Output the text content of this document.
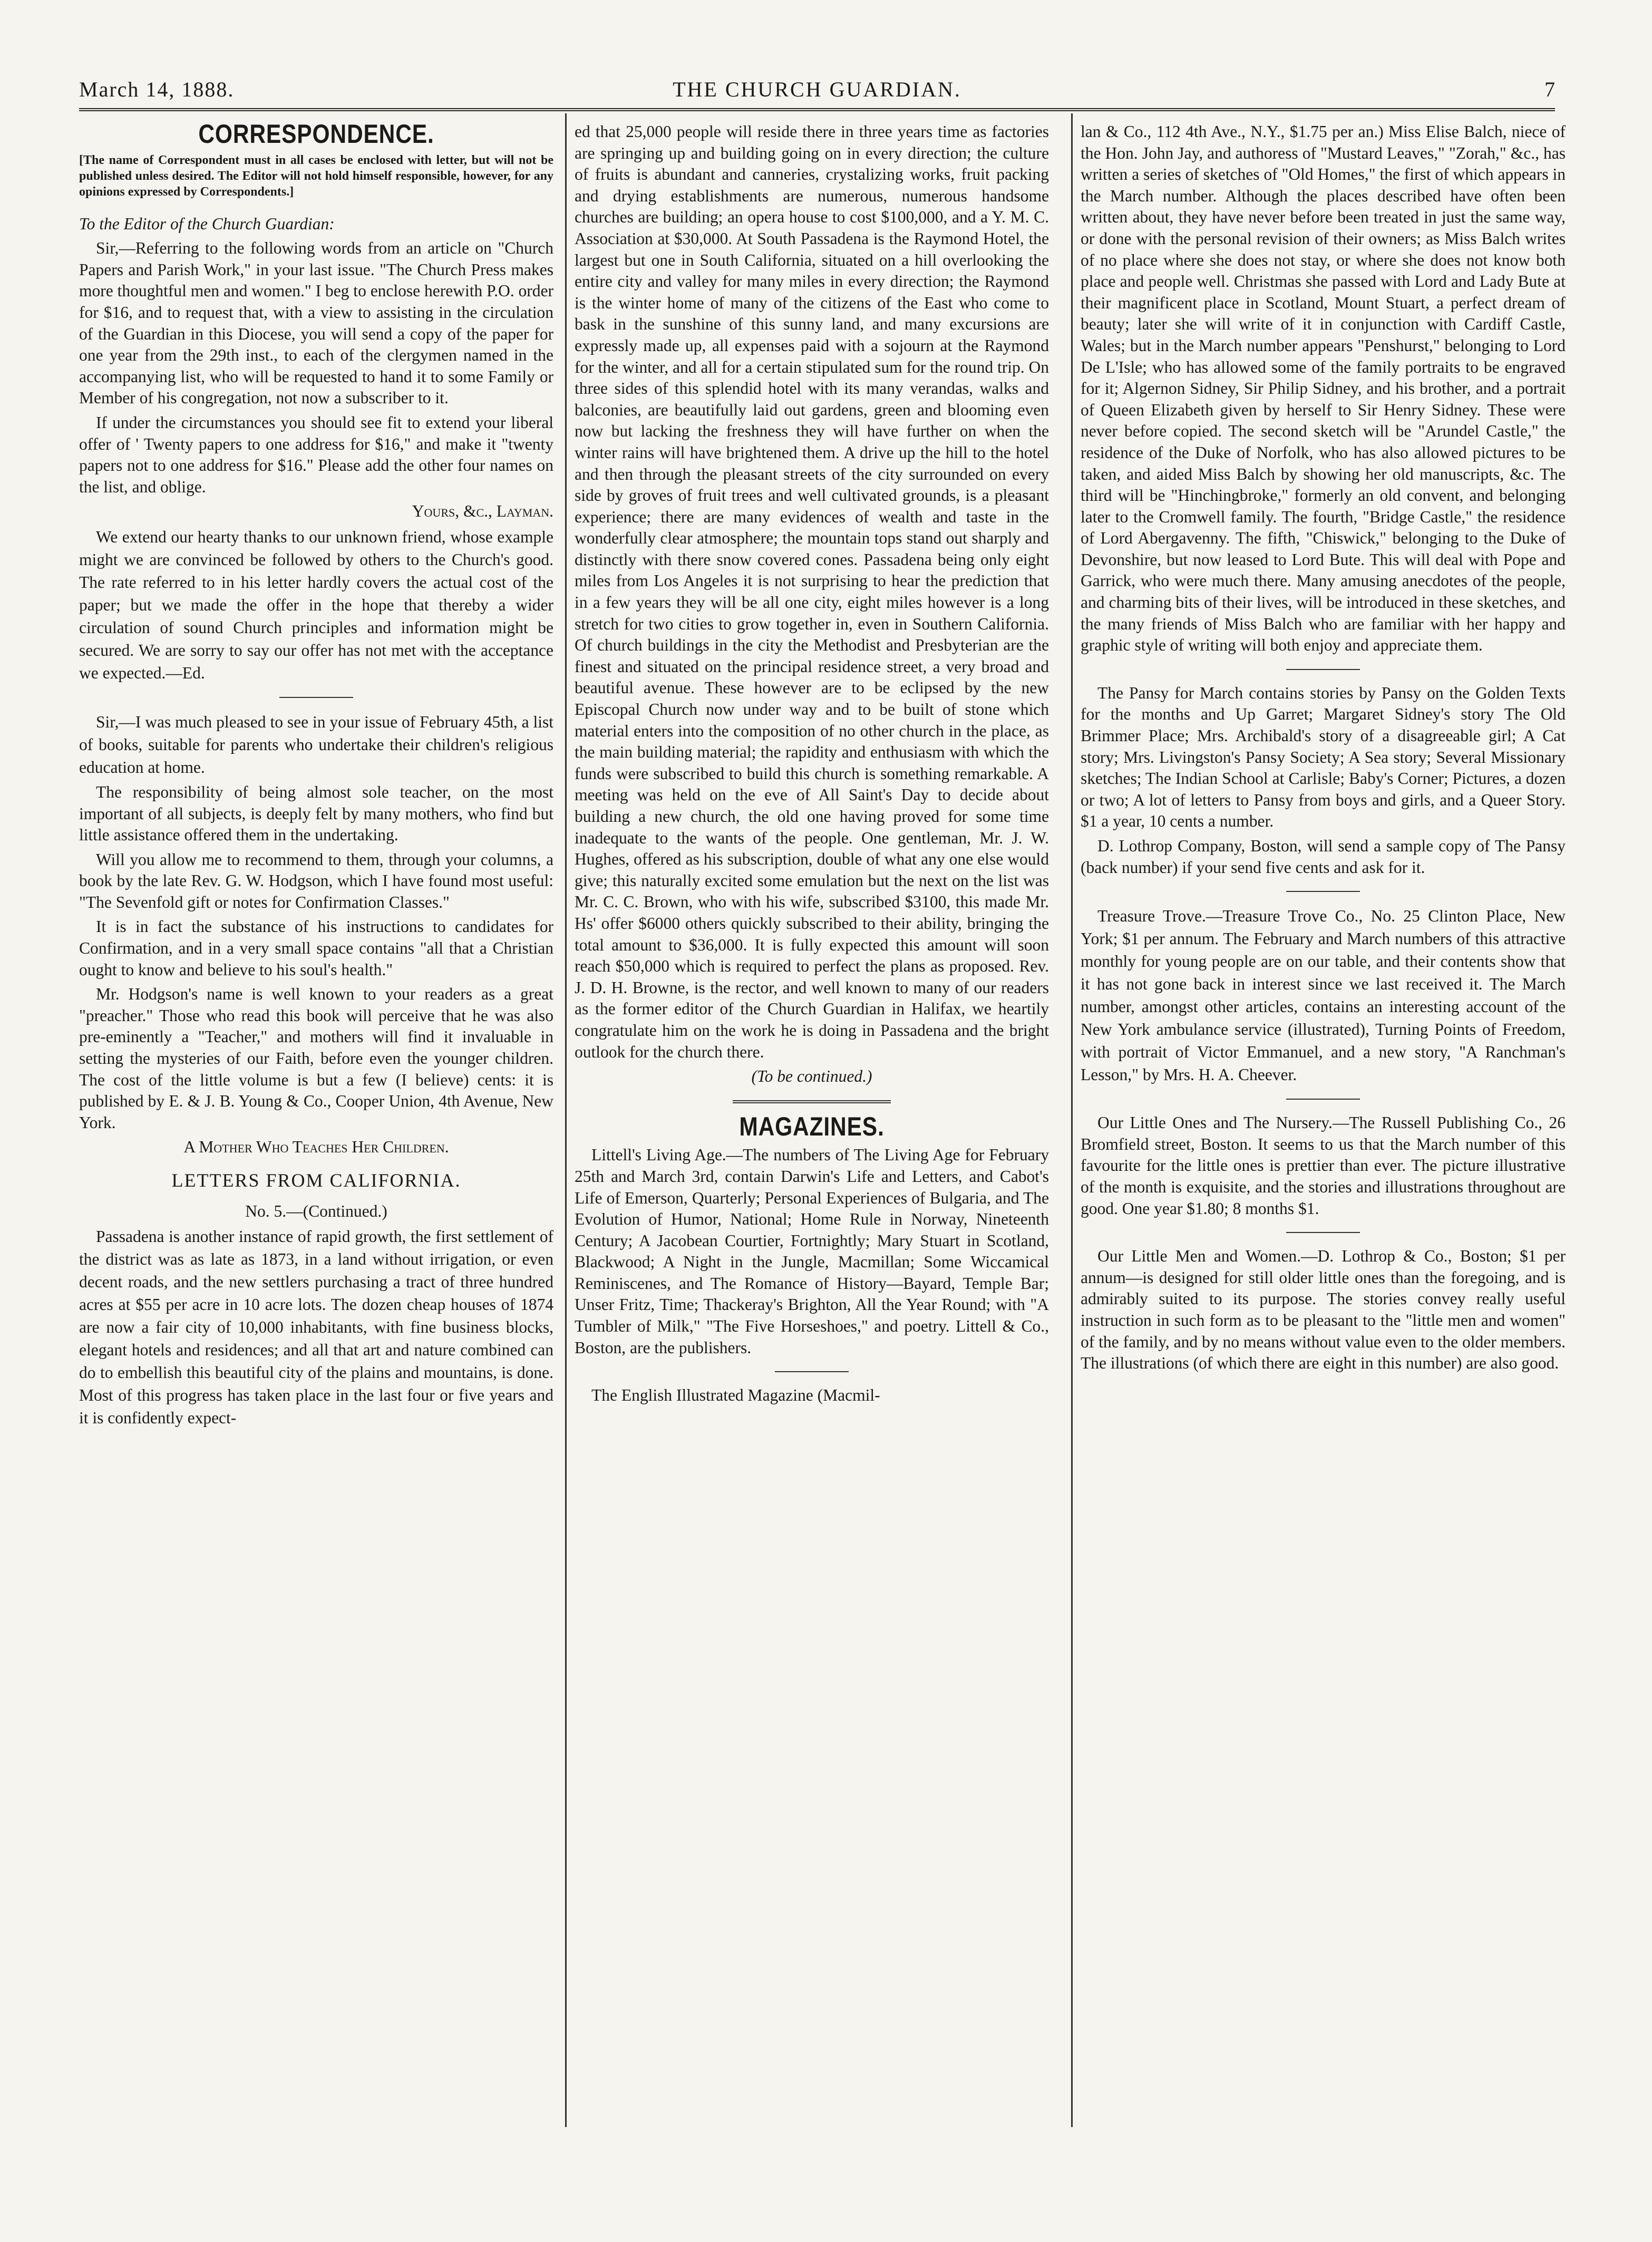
March 14, 1888.	THE CHURCH GUARDIAN.	7
CORRESPONDENCE.

[The name of Correspondent must in all cases be enclosed with letter, but will not be published unless desired. The Editor will not hold himself responsible, however, for any opinions expressed by Correspondents.]

To the Editor of the Church Guardian:

Sir,—Referring to the following words from an article on "Church Papers and Parish Work," in your last issue. "The Church Press makes more thoughtful men and women." I beg to enclose herewith P.O. order for $16, and to request that, with a view to assisting in the circulation of the Guardian in this Diocese, you will send a copy of the paper for one year from the 29th inst., to each of the clergymen named in the accompanying list, who will be requested to hand it to some Family or Member of his congregation, not now a subscriber to it.

If under the circumstances you should see fit to extend your liberal offer of ' Twenty papers to one address for $16," and make it "twenty papers not to one address for $16." Please add the other four names on the list, and oblige.

Yours, &c., Layman.

We extend our hearty thanks to our unknown friend, whose example might we are convinced be followed by others to the Church's good. The rate referred to in his letter hardly covers the actual cost of the paper; but we made the offer in the hope that thereby a wider circulation of sound Church principles and information might be secured. We are sorry to say our offer has not met with the acceptance we expected.—Ed.

Sir,—I was much pleased to see in your issue of February 45th, a list of books, suitable for parents who undertake their children's religious education at home.

The responsibility of being almost sole teacher, on the most important of all subjects, is deeply felt by many mothers, who find but little assistance offered them in the undertaking.

Will you allow me to recommend to them, through your columns, a book by the late Rev. G. W. Hodgson, which I have found most useful: "The Sevenfold gift or notes for Confirmation Classes."

It is in fact the substance of his instructions to candidates for Confirmation, and in a very small space contains "all that a Christian ought to know and believe to his soul's health."

Mr. Hodgson's name is well known to your readers as a great "preacher." Those who read this book will perceive that he was also pre-eminently a "Teacher," and mothers will find it invaluable in setting the mysteries of our Faith, before even the younger children. The cost of the little volume is but a few (I believe) cents: it is published by E. & J. B. Young & Co., Cooper Union, 4th Avenue, New York.

A Mother Who Teaches Her Children.

LETTERS FROM CALIFORNIA.

No. 5.—(Continued.)

Passadena is another instance of rapid growth, the first settlement of the district was as late as 1873, in a land without irrigation, or even decent roads, and the new settlers purchasing a tract of three hundred acres at $55 per acre in 10 acre lots. The dozen cheap houses of 1874 are now a fair city of 10,000 inhabitants, with fine business blocks, elegant hotels and residences; and all that art and nature combined can do to embellish this beautiful city of the plains and mountains, is done. Most of this progress has taken place in the last four or five years and it is confidently expect-

ed that 25,000 people will reside there in three years time as factories are springing up and building going on in every direction; the culture of fruits is abundant and canneries, crystalizing works, fruit packing and drying establishments are numerous, numerous handsome churches are building; an opera house to cost $100,000, and a Y. M. C. Association at $30,000. At South Passadena is the Raymond Hotel, the largest but one in South California, situated on a hill overlooking the entire city and valley for many miles in every direction; the Raymond is the winter home of many of the citizens of the East who come to bask in the sunshine of this sunny land, and many excursions are expressly made up, all expenses paid with a sojourn at the Raymond for the winter, and all for a certain stipulated sum for the round trip. On three sides of this splendid hotel with its many verandas, walks and balconies, are beautifully laid out gardens, green and blooming even now but lacking the freshness they will have further on when the winter rains will have brightened them. A drive up the hill to the hotel and then through the pleasant streets of the city surrounded on every side by groves of fruit trees and well cultivated grounds, is a pleasant experience; there are many evidences of wealth and taste in the wonderfully clear atmosphere; the mountain tops stand out sharply and distinctly with there snow covered cones. Passadena being only eight miles from Los Angeles it is not surprising to hear the prediction that in a few years they will be all one city, eight miles however is a long stretch for two cities to grow together in, even in Southern California. Of church buildings in the city the Methodist and Presbyterian are the finest and situated on the principal residence street, a very broad and beautiful avenue. These however are to be eclipsed by the new Episcopal Church now under way and to be built of stone which material enters into the composition of no other church in the place, as the main building material; the rapidity and enthusiasm with which the funds were subscribed to build this church is something remarkable. A meeting was held on the eve of All Saint's Day to decide about building a new church, the old one having proved for some time inadequate to the wants of the people. One gentleman, Mr. J. W. Hughes, offered as his subscription, double of what any one else would give; this naturally excited some emulation but the next on the list was Mr. C. C. Brown, who with his wife, subscribed $3100, this made Mr. Hs' offer $6000 others quickly subscribed to their ability, bringing the total amount to $36,000. It is fully expected this amount will soon reach $50,000 which is required to perfect the plans as proposed. Rev. J. D. H. Browne, is the rector, and well known to many of our readers as the former editor of the Church Guardian in Halifax, we heartily congratulate him on the work he is doing in Passadena and the bright outlook for the church there.

(To be continued.)

MAGAZINES.

Littell's Living Age.—The numbers of The Living Age for February 25th and March 3rd, contain Darwin's Life and Letters, and Cabot's Life of Emerson, Quarterly; Personal Experiences of Bulgaria, and The Evolution of Humor, National; Home Rule in Norway, Nineteenth Century; A Jacobean Courtier, Fortnightly; Mary Stuart in Scotland, Blackwood; A Night in the Jungle, Macmillan; Some Wiccamical Reminiscenes, and The Romance of History—Bayard, Temple Bar; Unser Fritz, Time; Thackeray's Brighton, All the Year Round; with "A Tumbler of Milk," "The Five Horseshoes," and poetry. Littell & Co., Boston, are the publishers.

The English Illustrated Magazine (Macmil-

lan & Co., 112 4th Ave., N.Y., $1.75 per an.) Miss Elise Balch, niece of the Hon. John Jay, and authoress of "Mustard Leaves," "Zorah," &c., has written a series of sketches of "Old Homes," the first of which appears in the March number. Although the places described have often been written about, they have never before been treated in just the same way, or done with the personal revision of their owners; as Miss Balch writes of no place where she does not stay, or where she does not know both place and people well. Christmas she passed with Lord and Lady Bute at their magnificent place in Scotland, Mount Stuart, a perfect dream of beauty; later she will write of it in conjunction with Cardiff Castle, Wales; but in the March number appears "Penshurst," belonging to Lord De L'Isle; who has allowed some of the family portraits to be engraved for it; Algernon Sidney, Sir Philip Sidney, and his brother, and a portrait of Queen Elizabeth given by herself to Sir Henry Sidney. These were never before copied. The second sketch will be "Arundel Castle," the residence of the Duke of Norfolk, who has also allowed pictures to be taken, and aided Miss Balch by showing her old manuscripts, &c. The third will be "Hinchingbroke," formerly an old convent, and belonging later to the Cromwell family. The fourth, "Bridge Castle," the residence of Lord Abergavenny. The fifth, "Chiswick," belonging to the Duke of Devonshire, but now leased to Lord Bute. This will deal with Pope and Garrick, who were much there. Many amusing anecdotes of the people, and charming bits of their lives, will be introduced in these sketches, and the many friends of Miss Balch who are familiar with her happy and graphic style of writing will both enjoy and appreciate them.

The Pansy for March contains stories by Pansy on the Golden Texts for the months and Up Garret; Margaret Sidney's story The Old Brimmer Place; Mrs. Archibald's story of a disagreeable girl; A Cat story; Mrs. Livingston's Pansy Society; A Sea story; Several Missionary sketches; The Indian School at Carlisle; Baby's Corner; Pictures, a dozen or two; A lot of letters to Pansy from boys and girls, and a Queer Story. $1 a year, 10 cents a number.

D. Lothrop Company, Boston, will send a sample copy of The Pansy (back number) if your send five cents and ask for it.

Treasure Trove.—Treasure Trove Co., No. 25 Clinton Place, New York; $1 per annum. The February and March numbers of this attractive monthly for young people are on our table, and their contents show that it has not gone back in interest since we last received it. The March number, amongst other articles, contains an interesting account of the New York ambulance service (illustrated), Turning Points of Freedom, with portrait of Victor Emmanuel, and a new story, "A Ranchman's Lesson," by Mrs. H. A. Cheever.

Our Little Ones and The Nursery.—The Russell Publishing Co., 26 Bromfield street, Boston. It seems to us that the March number of this favourite for the little ones is prettier than ever. The picture illustrative of the month is exquisite, and the stories and illustrations throughout are good. One year $1.80; 8 months $1.

Our Little Men and Women.—D. Lothrop & Co., Boston; $1 per annum—is designed for still older little ones than the foregoing, and is admirably suited to its purpose. The stories convey really useful instruction in such form as to be pleasant to the "little men and women" of the family, and by no means without value even to the older members. The illustrations (of which there are eight in this number) are also good.
